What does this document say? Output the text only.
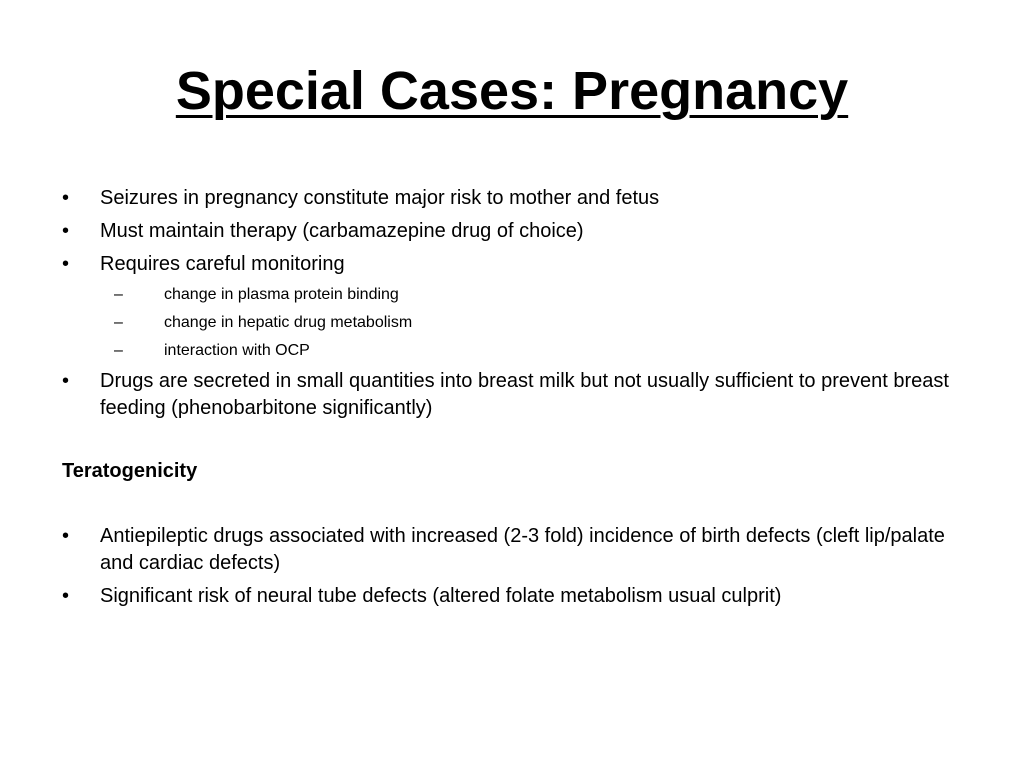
Special Cases: Pregnancy
•	Seizures in pregnancy constitute major risk to mother and fetus
•	Must maintain therapy (carbamazepine drug of choice)
•	Requires careful monitoring
–	change in plasma protein binding
–	change in hepatic drug metabolism
–	interaction with OCP
•	Drugs are secreted in small quantities into breast milk but not usually sufficient to prevent breast feeding (phenobarbitone significantly)
Teratogenicity
•	Antiepileptic drugs associated with increased (2-3 fold) incidence of birth defects (cleft lip/palate and cardiac defects)
•	Significant risk of neural tube defects (altered folate metabolism usual culprit)
